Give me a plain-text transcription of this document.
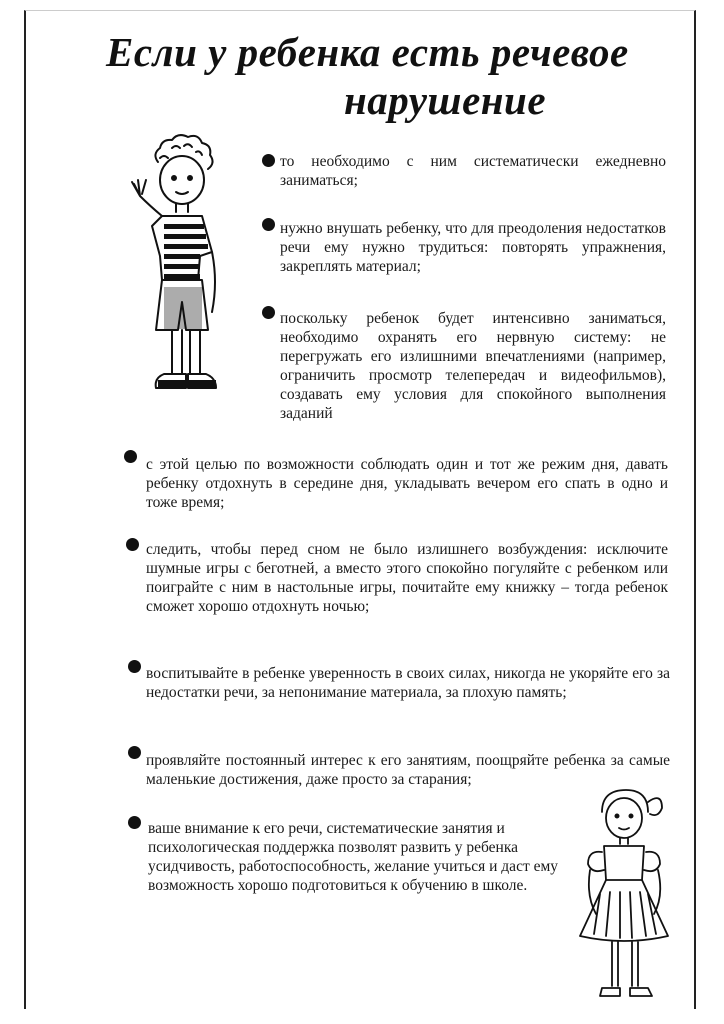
Если у ребенка есть речевое
нарушение

то необходимо с ним систематически ежедневно заниматься;

нужно внушать ребенку, что для преодоления недостатков речи ему нужно трудиться: повторять упражнения, закреплять материал;

поскольку ребенок будет интенсивно заниматься, необходимо охранять его нервную систему: не перегружать его излишними впечатлениями (например, ограничить просмотр телепередач и видеофильмов), создавать ему условия для спокойного выполнения заданий

с этой целью по возможности соблюдать один и тот же режим дня, давать ребенку отдохнуть в середине дня, укладывать вечером его спать в одно и тоже время;

следить, чтобы перед сном не было излишнего возбуждения: исключите шумные игры с беготней, а вместо этого спокойно погуляйте с ребенком или поиграйте с ним в настольные игры, почитайте ему книжку – тогда ребенок сможет хорошо отдохнуть ночью;

воспитывайте в ребенке уверенность в своих силах, никогда не укоряйте его за недостатки речи, за непонимание материала, за плохую память;

проявляйте постоянный интерес к его занятиям, поощряйте ребенка за самые маленькие достижения, даже просто за старания;

ваше внимание к его речи, систематические занятия и психологическая поддержка позволят развить у ребенка усидчивость, работоспособность, желание учиться и даст ему возможность хорошо подготовиться к обучению в школе.
